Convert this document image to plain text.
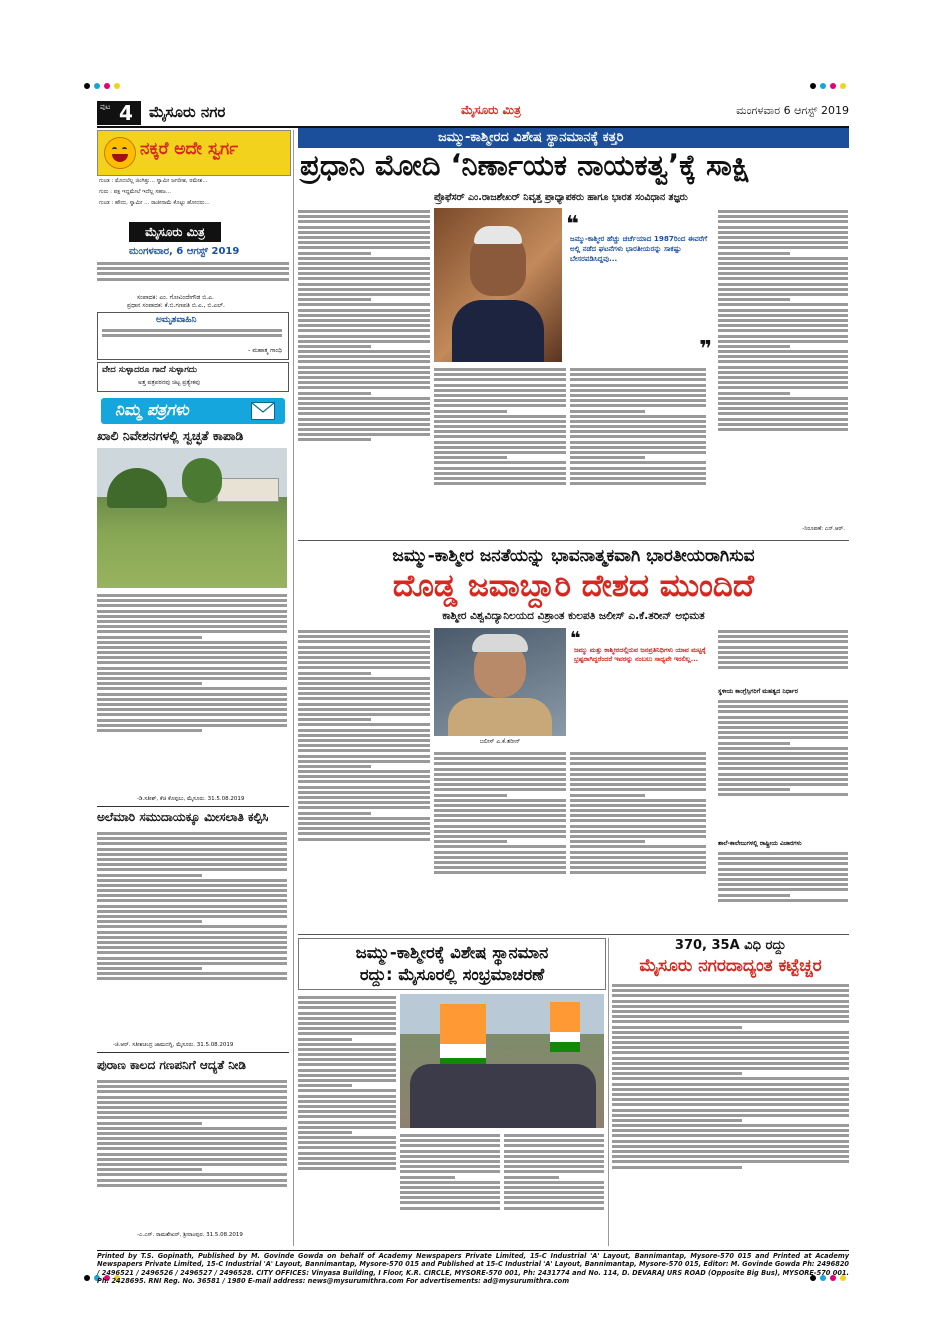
ಪುಟ 4 ಮೈಸೂರು ನಗರ	ಮೈಸೂರು ಮಿತ್ರ	ಮಂಗಳವಾರ 6 ಆಗಸ್ಟ್ 2019
ನಕ್ಕರೆ ಅದೇ ಸ್ವರ್ಗ
ಗುಂಡ : ಮೊದಲೆಲ್ಲ ಜಿಂಗಿತ್ತು... ಸ್ವಾಮೀ ಜಗದೀಶ, ರಮೇಶ...
ಗುರು : ಪಕ್ಷ ಇದ್ದಮೇಲೆ ಇದೆಲ್ಲ ಸಹಜ...
ಗುಂಡ : ಹೌದು, ಸ್ವಾಮೀ ... ರಾಜೀನಾಮೆ ಕೊಟ್ಟು ಹೋದರು...
ಮೈಸೂರು ಮಿತ್ರ
ಮಂಗಳವಾರ, 6 ಆಗಸ್ಟ್ 2019
ಸಂಪಾದಕ: ಎಂ. ಗೋವಿಂದೇಗೌಡ ಬಿ.ಎ.
ಪ್ರಧಾನ ಸಂಪಾದಕ: ಕೆ.ಬಿ.ಗಣಪತಿ ಬಿ.ಎ., ಬಿ.ಎಲ್.
ಅಮೃತವಾಹಿನಿ
- ಮಹಾತ್ಮ ಗಾಂಧಿ
ವೇದ ಸುಳ್ಳಾದರೂ ಗಾದೆ ಸುಳ್ಳಾಗದು
ಅತ್ತ ಪತ್ರಪಠನವು ಚಿಟ್ಟ ಪ್ರತ್ಯೇಕವು
ನಿಮ್ಮ ಪತ್ರಗಳು
ಖಾಲಿ ನಿವೇಶನಗಳಲ್ಲಿ ಸ್ವಚ್ಛತೆ ಕಾಪಾಡಿ
-ಡಿ.ಸತೀಶ್, ಕೆಜಿ ಕೊಪ್ಪಲು, ಮೈಸೂರು. 31.5.08.2019
ಅಲೆಮಾರಿ ಸಮುದಾಯಕ್ಕೂ ಮೀಸಲಾತಿ ಕಲ್ಪಿಸಿ
-ಜಿ.ಆರ್. ಸತೀಶಚಂದ್ರ ಜಾಮದಗ್ನಿ, ಮೈಸೂರು. 31.5.08.2019
ಪುರಾಣ ಕಾಲದ ಗಣಪನಿಗೆ ಆದ್ಯತೆ ನೀಡಿ
-ಎ.ಎಸ್. ರಾಮಶೇಖರ್, ಶ್ರೀರಾಂಪುರ. 31.5.08.2019
ಜಮ್ಮು-ಕಾಶ್ಮೀರದ ವಿಶೇಷ ಸ್ಥಾನಮಾನಕ್ಕೆ ಕತ್ತರಿ
ಪ್ರಧಾನಿ ಮೋದಿ ‘ನಿರ್ಣಾಯಕ ನಾಯಕತ್ವ’ಕ್ಕೆ ಸಾಕ್ಷಿ
ಪ್ರೊಫೆಸರ್ ಎಂ.ರಾಜಶೇಖರ್ ನಿವೃತ್ತ ಪ್ರಾಧ್ಯಾಪಕರು ಹಾಗೂ ಭಾರತ ಸಂವಿಧಾನ ತಜ್ಞರು
❝
ಜಮ್ಮು-ಕಾಶ್ಮೀರ ಹೆಚ್ಚು ಚರ್ಚೆಯಾದ 1987ರಿಂದ ಈವರೆಗೆ ಅಲ್ಲಿ ನಡೆದ ಘಟನೆಗಳು ಭಾರತೀಯರನ್ನು ಸಾಕಷ್ಟು ಬೇಸರಪಡಿಸಿದ್ದವು...
❞
-ನಿರೂಪಣೆ: ಎನ್.ಆರ್.
ಜಮ್ಮು-ಕಾಶ್ಮೀರ ಜನತೆಯನ್ನು ಭಾವನಾತ್ಮಕವಾಗಿ ಭಾರತೀಯರಾಗಿಸುವ
ದೊಡ್ಡ ಜವಾಬ್ದಾರಿ ದೇಶದ ಮುಂದಿದೆ
ಕಾಶ್ಮೀರ ವಿಶ್ವವಿದ್ಯಾನಿಲಯದ ವಿಶ್ರಾಂತ ಕುಲಪತಿ ಜಲೀಸ್ ಎ.ಕೆ.ತರೀನ್ ಅಭಿಮತ
ಜಲೀಸ್ ಎ.ಕೆ.ತರೀನ್
❝
ಜಮ್ಮು ಮತ್ತು ಕಾಶ್ಮೀರದಲ್ಲಿರುವ ಜನಪ್ರತಿನಿಧಿಗಳು ಯಾವ ಮಟ್ಟಕ್ಕೆ ಭ್ರಷ್ಟರಾಗಿದ್ದರೆಂದರೆ ಇವರನ್ನು ನಂಬಲು ಸಾಧ್ಯವೇ ಇರಲಿಲ್ಲ...
ಸ್ಥಳೀಯ ಕಾಂಗ್ರೆಸ್ಸಿಗರಿಗೆ ಮಹತ್ವದ ನಿರ್ಧಾರ
ಶಾಲೆ-ಕಾಲೇಜುಗಳಲ್ಲಿ ರಾಷ್ಟ್ರೀಯ ವಿಚಾರಗಳು
ಜಮ್ಮು-ಕಾಶ್ಮೀರಕ್ಕೆ ವಿಶೇಷ ಸ್ಥಾನಮಾನ
ರದ್ದು: ಮೈಸೂರಲ್ಲಿ ಸಂಭ್ರಮಾಚರಣೆ
370, 35A ವಿಧಿ ರದ್ದು
ಮೈಸೂರು ನಗರದಾದ್ಯಂತ ಕಟ್ಟೆಚ್ಚರ
Printed by T.S. Gopinath, Published by M. Govinde Gowda on behalf of Academy Newspapers Private Limited, 15-C Industrial 'A' Layout, Bannimantap, Mysore-570 015 and Printed at Academy Newspapers Private Limited, 15-C Industrial 'A' Layout, Bannimantap, Mysore-570 015 and Published at 15-C Industrial 'A' Layout, Bannimantap, Mysore-570 015, Editor: M. Govinde Gowda Ph: 2496820 / 2496521 / 2496526 / 2496527 / 2496528. CITY OFFICES: Vinyasa Building, I Floor, K.R. CIRCLE, MYSORE-570 001, Ph: 2431774 and No. 114, D. DEVARAJ URS ROAD (Opposite Big Bus), MYSORE-570 001. Ph: 2428695. RNI Reg. No. 36581 / 1980 E-mail address: news@mysurumithra.com For advertisements: ad@mysurumithra.com
